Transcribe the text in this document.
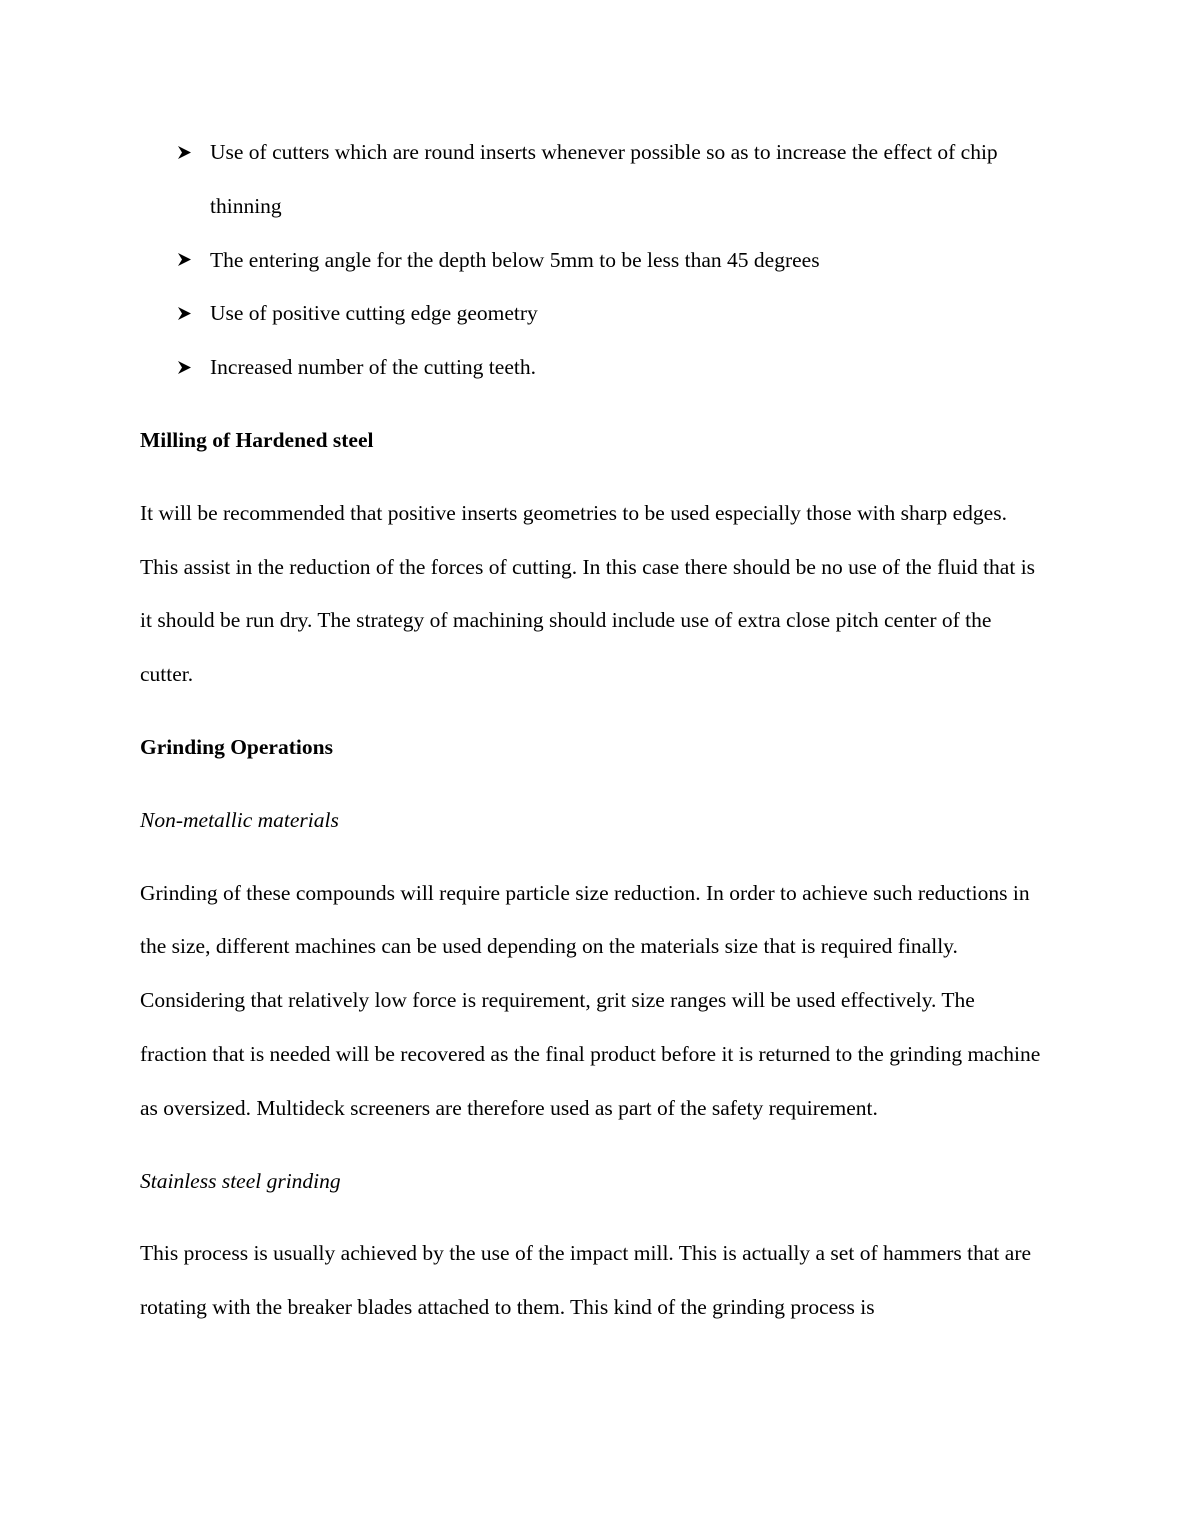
Use of cutters which are round inserts whenever possible so as to increase the effect of chip thinning
The entering angle for the depth below 5mm to be less than 45 degrees
Use of positive cutting edge geometry
Increased number of the cutting teeth.
Milling of Hardened steel

It will be recommended that positive inserts geometries to be used especially those with sharp edges. This assist in the reduction of the forces of cutting. In this case there should be no use of the fluid that is it should be run dry. The strategy of machining should include use of extra close pitch center of the cutter.

Grinding Operations
Non-metallic materials

Grinding of these compounds will require particle size reduction. In order to achieve such reductions in the size, different machines can be used depending on the materials size that is required finally. Considering that relatively low force is requirement, grit size ranges will be used effectively. The fraction that is needed will be recovered as the final product before it is returned to the grinding machine as oversized. Multideck screeners are therefore used as part of the safety requirement.

Stainless steel grinding

This process is usually achieved by the use of the impact mill. This is actually a set of hammers that are rotating with the breaker blades attached to them. This kind of the grinding process is
